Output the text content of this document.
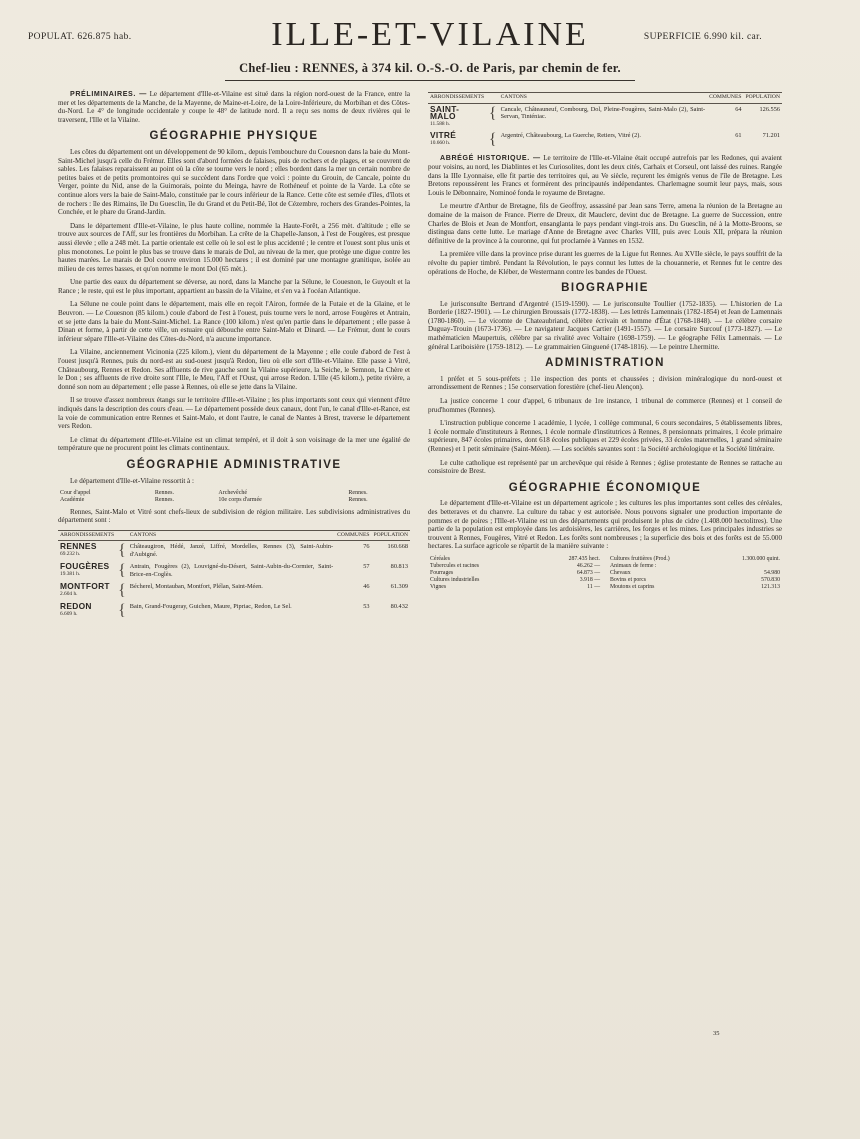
POPULAT. 626.875 hab.	ILLE-ET-VILAINE	SUPERFICIE 6.990 kil. car.
Chef-lieu : RENNES, à 374 kil. O.-S.-O. de Paris, par chemin de fer.

PRÉLIMINAIRES. — Le département d'Ille-et-Vilaine est situé dans la région nord-ouest de la France, entre la mer et les départements de la Manche, de la Mayenne, de Maine-et-Loire, de la Loire-Inférieure, du Morbihan et des Côtes-du-Nord. Le 4° de longitude occidentale y coupe le 48° de latitude nord. Il a reçu ses noms de deux rivières qui le traversent, l'Ille et la Vilaine.

GÉOGRAPHIE PHYSIQUE

Les côtes du département ont un développement de 90 kilom., depuis l'embouchure du Couesnon dans la baie du Mont-Saint-Michel jusqu'à celle du Frémur. Elles sont d'abord formées de falaises, puis de rochers et de plages, et se couvrent de sables. Les falaises reparaissent au point où la côte se tourne vers le nord ; elles bordent dans la mer un certain nombre de petites baies et de petits promontoires qui se succèdent dans l'ordre que voici : pointe du Grouin, de Cancale, pointe du Verger, pointe du Nid, anse de la Guimorais, pointe du Meinga, havre de Rothéneuf et pointe de la Varde. La côte se continue alors vers la baie de Saint-Malo, constituée par le cours inférieur de la Rance. Cette côte est semée d'îles, d'îlots et de rochers : île des Rimains, île Du Guesclin, île du Grand et du Petit-Bé, îlot de Cézembre, rochers des Grandes-Pointes, la Conchée, et le phare du Grand-Jardin.

Dans le département d'Ille-et-Vilaine, le plus haute colline, nommée la Haute-Forêt, a 256 mèt. d'altitude ; elle se trouve aux sources de l'Aff, sur les frontières du Morbihan. La crête de la Chapelle-Janson, à l'est de Fougères, est presque aussi élevée ; elle a 248 mèt. La partie orientale est celle où le sol est le plus accidenté ; le centre et l'ouest sont plus unis et plus monotones. Le point le plus bas se trouve dans le marais de Dol, au niveau de la mer, que protège une digue contre les hautes marées. Le marais de Dol couvre environ 15.000 hectares ; il est dominé par une montagne granitique, isolée au milieu de ces terres basses, et qu'on nomme le mont Dol (65 mèt.).

Une partie des eaux du département se déverse, au nord, dans la Manche par la Sélune, le Couesnon, le Guyoult et la Rance ; le reste, qui est le plus important, appartient au bassin de la Vilaine, et s'en va à l'océan Atlantique.

La Sélune ne coule point dans le département, mais elle en reçoit l'Airon, formée de la Futaie et de la Glaine, et le Beuvron. — Le Couesnon (85 kilom.) coule d'abord de l'est à l'ouest, puis tourne vers le nord, arrose Fougères et Antrain, et se jette dans la baie du Mont-Saint-Michel. La Rance (100 kilom.) n'est qu'en partie dans le département ; elle passe à Dinan et forme, à partir de cette ville, un estuaire qui débouche entre Saint-Malo et Dinard. — Le Frémur, dont le cours inférieur sépare l'Ille-et-Vilaine des Côtes-du-Nord, n'a aucune importance.

La Vilaine, anciennement Vicinonia (225 kilom.), vient du département de la Mayenne ; elle coule d'abord de l'est à l'ouest jusqu'à Rennes, puis du nord-est au sud-ouest jusqu'à Redon, lieu où elle sort d'Ille-et-Vilaine. Elle passe à Vitré, Châteaubourg, Rennes et Redon. Ses affluents de rive gauche sont la Vilaine supérieure, la Seiche, le Semnon, la Chère et le Don ; ses affluents de rive droite sont l'Ille, le Meu, l'Aff et l'Oust, qui arrose Redon. L'Ille (45 kilom.), petite rivière, a donné son nom au département ; elle passe à Rennes, où elle se jette dans la Vilaine.

Il se trouve d'assez nombreux étangs sur le territoire d'Ille-et-Vilaine ; les plus importants sont ceux qui viennent d'être indiqués dans la description des cours d'eau. — Le département possède deux canaux, dont l'un, le canal d'Ille-et-Rance, est la voie de communication entre Rennes et Saint-Malo, et dont l'autre, le canal de Nantes à Brest, traverse le département vers Redon.

Le climat du département d'Ille-et-Vilaine est un climat tempéré, et il doit à son voisinage de la mer une égalité de température que ne procurent point les climats continentaux.

GÉOGRAPHIE ADMINISTRATIVE

Le département d'Ille-et-Vilaine ressortit à :

Cour d'appel	Rennes.	Archevêché	Rennes.
Académie	Rennes.	10e corps d'armée	Rennes.

Rennes, Saint-Malo et Vitré sont chefs-lieux de subdivision de région militaire. Les subdivisions administratives du département sont :

ARRONDISSEMENTS		CANTONS	COMMUNES	POPULATION

RENNES
69.232 h.	{	Châteaugiron, Hédé, Janzé, Liffré, Mordelles, Rennes (3), Saint-Aubin-d'Aubigné.	76	160.668

FOUGÈRES
19.381 h.	{	Antrain, Fougères (2), Louvigné-du-Désert, Saint-Aubin-du-Cormier, Saint-Brice-en-Coglès.	57	80.813

MONTFORT
2.604 h.	{	Bécherel, Montauban, Montfort, Plélan, Saint-Méen.	46	61.309

REDON
6.609 h.	{	Bain, Grand-Fougeray, Guichen, Maure, Pipriac, Redon, Le Sel.	53	80.432
ARRONDISSEMENTS		CANTONS	COMMUNES	POPULATION

SAINT-MALO
11.588 h.	{	Cancale, Châteauneuf, Combourg, Dol, Pleine-Fougères, Saint-Malo (2), Saint-Servan, Tinténiac.	64	126.556

VITRÉ
10.660 h.	{	Argentré, Châteaubourg, La Guerche, Retiers, Vitré (2).	61	71.201

ABRÉGÉ HISTORIQUE. — Le territoire de l'Ille-et-Vilaine était occupé autrefois par les Redones, qui avaient pour voisins, au nord, les Diablintes et les Curiosolites, dont les deux cités, Carhaix et Corseul, ont laissé des ruines. Rangée dans la IIIe Lyonnaise, elle fit partie des territoires qui, au Ve siècle, reçurent les émigrés venus de l'île de Bretagne. Les Bretons repoussèrent les Francs et formèrent des principautés indépendantes. Charlemagne soumit leur pays, mais, sous Louis le Débonnaire, Nominoé fonda le royaume de Bretagne.

Le meurtre d'Arthur de Bretagne, fils de Geoffroy, assassiné par Jean sans Terre, amena la réunion de la Bretagne au domaine de la maison de France. Pierre de Dreux, dit Mauclerc, devint duc de Bretagne. La guerre de Succession, entre Charles de Blois et Jean de Montfort, ensanglanta le pays pendant vingt-trois ans. Du Guesclin, né à la Motte-Broons, se distingua dans cette lutte. Le mariage d'Anne de Bretagne avec Charles VIII, puis avec Louis XII, prépara la réunion définitive de la province à la couronne, qui fut proclamée à Vannes en 1532.

La première ville dans la province prise durant les guerres de la Ligue fut Rennes. Au XVIIe siècle, le pays souffrit de la révolte du papier timbré. Pendant la Révolution, le pays connut les luttes de la chouannerie, et Rennes fut le centre des opérations de Hoche, de Kléber, de Westermann contre les bandes de l'Ouest.

BIOGRAPHIE

Le jurisconsulte Bertrand d'Argentré (1519-1590). — Le jurisconsulte Toullier (1752-1835). — L'historien de La Borderie (1827-1901). — Le chirurgien Broussais (1772-1838). — Les lettrés Lamennais (1782-1854) et Jean de Lamennais (1780-1860). — Le vicomte de Chateaubriand, célèbre écrivain et homme d'État (1768-1848). — Le célèbre corsaire Duguay-Trouin (1673-1736). — Le navigateur Jacques Cartier (1491-1557). — Le corsaire Surcouf (1773-1827). — Le mathématicien Maupertuis, célèbre par sa rivalité avec Voltaire (1698-1759). — Le géographe Félix Lamennais. — Le général Lariboisière (1759-1812). — Le grammairien Ginguené (1748-1816). — Le peintre Lhermitte.

ADMINISTRATION

1 préfet et 5 sous-préfets ; 11e inspection des ponts et chaussées ; division minéralogique du nord-ouest et arrondissement de Rennes ; 15e conservation forestière (chef-lieu Alençon).

La justice concerne 1 cour d'appel, 6 tribunaux de 1re instance, 1 tribunal de commerce (Rennes) et 1 conseil de prud'hommes (Rennes).

L'instruction publique concerne 1 académie, 1 lycée, 1 collège communal, 6 cours secondaires, 5 établissements libres, 1 école normale d'instituteurs à Rennes, 1 école normale d'institutrices à Rennes, 8 pensionnats primaires, 1 école primaire supérieure, 847 écoles primaires, dont 618 écoles publiques et 229 écoles privées, 33 écoles maternelles, 1 grand séminaire (Rennes) et 1 petit séminaire (Saint-Méen). — Les sociétés savantes sont : la Société archéologique et la Société littéraire.

Le culte catholique est représenté par un archevêque qui réside à Rennes ; église protestante de Rennes se rattache au consistoire de Brest.

GÉOGRAPHIE ÉCONOMIQUE

Le département d'Ille-et-Vilaine est un département agricole ; les cultures les plus importantes sont celles des céréales, des betteraves et du chanvre. La culture du tabac y est autorisée. Nous pouvons signaler une production importante de pommes et de poires ; l'Ille-et-Vilaine est un des départements qui produisent le plus de cidre (1.408.000 hectolitres). Une partie de la population est employée dans les ardoisières, les carrières, les forges et les mines. Les principales industries se trouvent à Rennes, Fougères, Vitré et Redon. Les forêts sont nombreuses ; la superficie des bois et des forêts est de 55.000 hectares. La surface agricole se répartit de la manière suivante :

Céréales	287.435 hect.
Tubercules et racines	46.262 —
Fourrages	64.873 —
Cultures industrielles	3.918 —
Vignes	11 —
Cultures fruitières (Prod.)	1.300.000 quint.
Animaux de ferme :	
Chevaux	54.980
Bovins et porcs	570.830
Moutons et caprins	121.313
35
